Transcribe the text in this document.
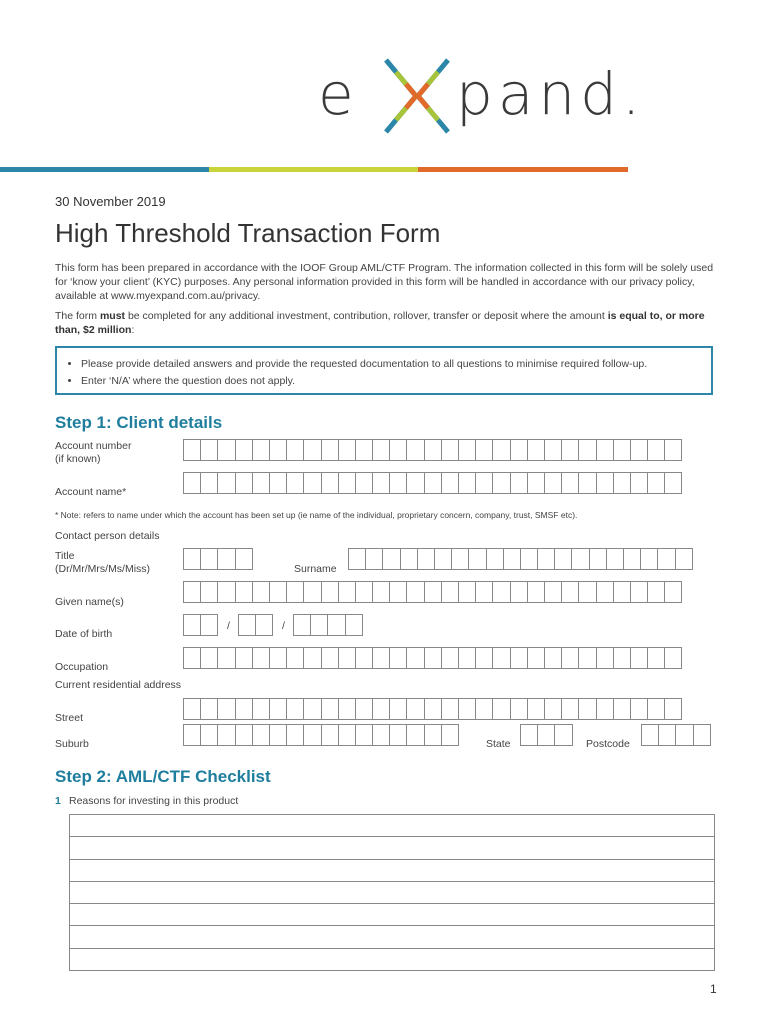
e pand.
30 November 2019
High Threshold Transaction Form
This form has been prepared in accordance with the IOOF Group AML/CTF Program. The information collected in this form will be solely used for ‘know your client’ (KYC) purposes. Any personal information provided in this form will be handled in accordance with our privacy policy, available at www.myexpand.com.au/privacy.
The form must be completed for any additional investment, contribution, rollover, transfer or deposit where the amount is equal to, or more than, $2 million:
• Please provide detailed answers and provide the requested documentation to all questions to minimise required follow-up.
• Enter ‘N/A’ where the question does not apply.
Step 1: Client details
Account number
(if known)
Account name*
* Note: refers to name under which the account has been set up (ie name of the individual, proprietary concern, company, trust, SMSF etc).
Contact person details
Title
(Dr/Mr/Mrs/Ms/Miss)	Surname
Given name(s)
Date of birth
/	/
Occupation
Current residential address
Street
Suburb	State	Postcode
Step 2: AML/CTF Checklist
1 Reasons for investing in this product
1
